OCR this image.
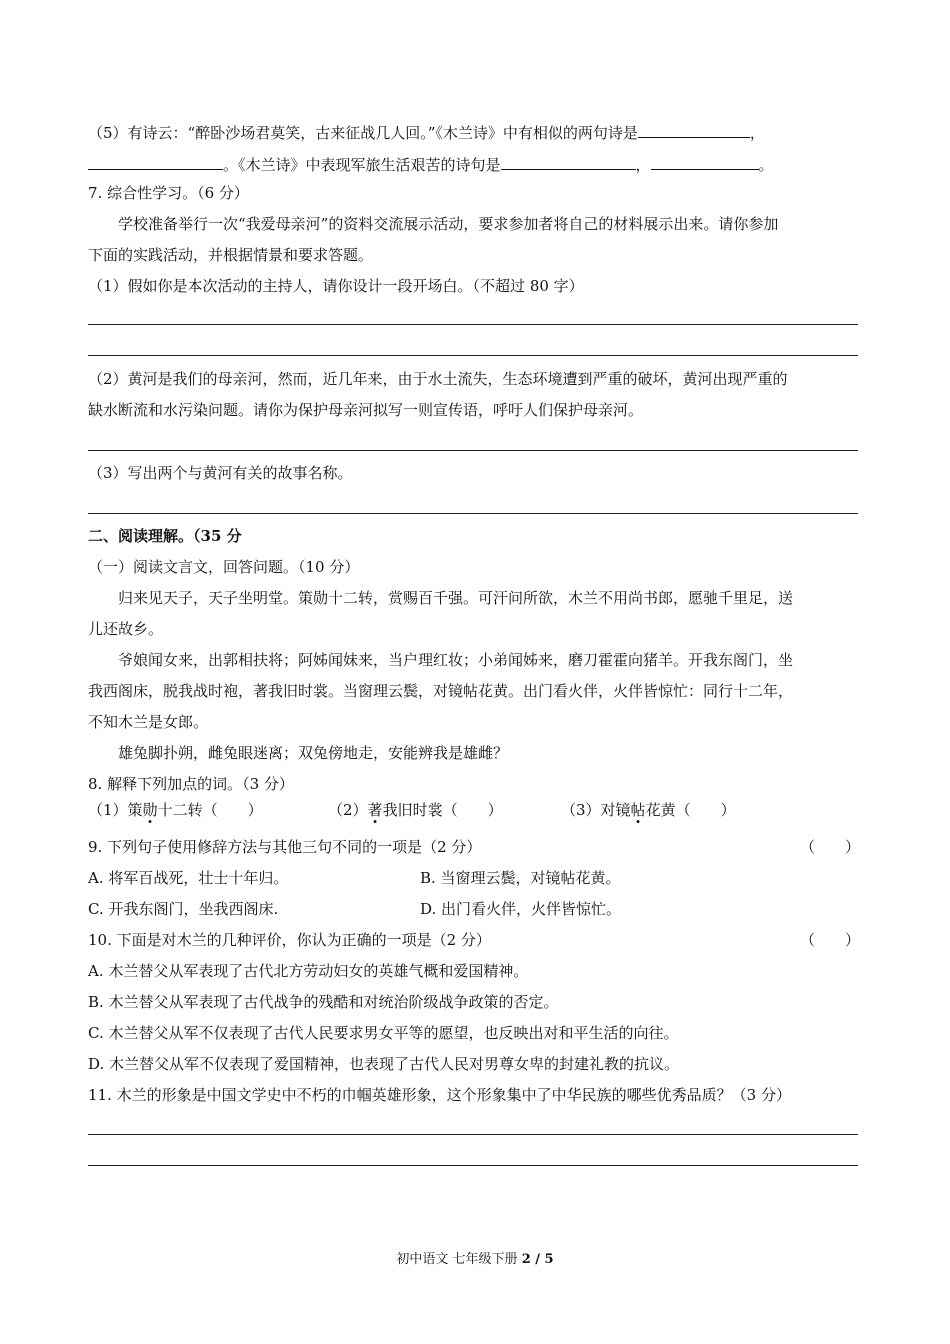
（5）有诗云：“醉卧沙场君莫笑，古来征战几人回。”《木兰诗》中有相似的两句诗是	，
。《木兰诗》中表现军旅生活艰苦的诗句是	，	。
7. 综合性学习。（6 分）
学校准备举行一次“我爱母亲河”的资料交流展示活动，要求参加者将自己的材料展示出来。请你参加
下面的实践活动，并根据情景和要求答题。
（1）假如你是本次活动的主持人，请你设计一段开场白。（不超过 80 字）
（2）黄河是我们的母亲河，然而，近几年来，由于水土流失，生态环境遭到严重的破坏，黄河出现严重的
缺水断流和水污染问题。请你为保护母亲河拟写一则宣传语，呼吁人们保护母亲河。
（3）写出两个与黄河有关的故事名称。
二、阅读理解。（35 分
（一）阅读文言文，回答问题。（10 分）
归来见天子，天子坐明堂。策勋十二转，赏赐百千强。可汗问所欲，木兰不用尚书郎，愿驰千里足，送
儿还故乡。
爷娘闻女来，出郭相扶将；阿姊闻妹来，当户理红妆；小弟闻姊来，磨刀霍霍向猪羊。开我东阁门，坐
我西阁床，脱我战时袍，著我旧时裳。当窗理云鬓，对镜帖花黄。出门看火伴，火伴皆惊忙：同行十二年，
不知木兰是女郎。
雄兔脚扑朔，雌兔眼迷离；双兔傍地走，安能辨我是雄雌？
8. 解释下列加点的词。（3 分）
（1）策勋十二转（　　）	（2）著我旧时裳（　　）	（3）对镜帖花黄（　　）
9. 下列句子使用修辞方法与其他三句不同的一项是（2 分）	（　　）
A. 将军百战死，壮士十年归。	B. 当窗理云鬓，对镜帖花黄。
C. 开我东阁门，坐我西阁床.	D. 出门看火伴，火伴皆惊忙。
10. 下面是对木兰的几种评价，你认为正确的一项是（2 分）	（　　）
A. 木兰替父从军表现了古代北方劳动妇女的英雄气概和爱国精神。
B. 木兰替父从军表现了古代战争的残酷和对统治阶级战争政策的否定。
C. 木兰替父从军不仅表现了古代人民要求男女平等的愿望，也反映出对和平生活的向往。
D. 木兰替父从军不仅表现了爱国精神，也表现了古代人民对男尊女卑的封建礼教的抗议。
11. 木兰的形象是中国文学史中不朽的巾帼英雄形象，这个形象集中了中华民族的哪些优秀品质？（3 分）
初中语文 七年级下册 2 / 5
